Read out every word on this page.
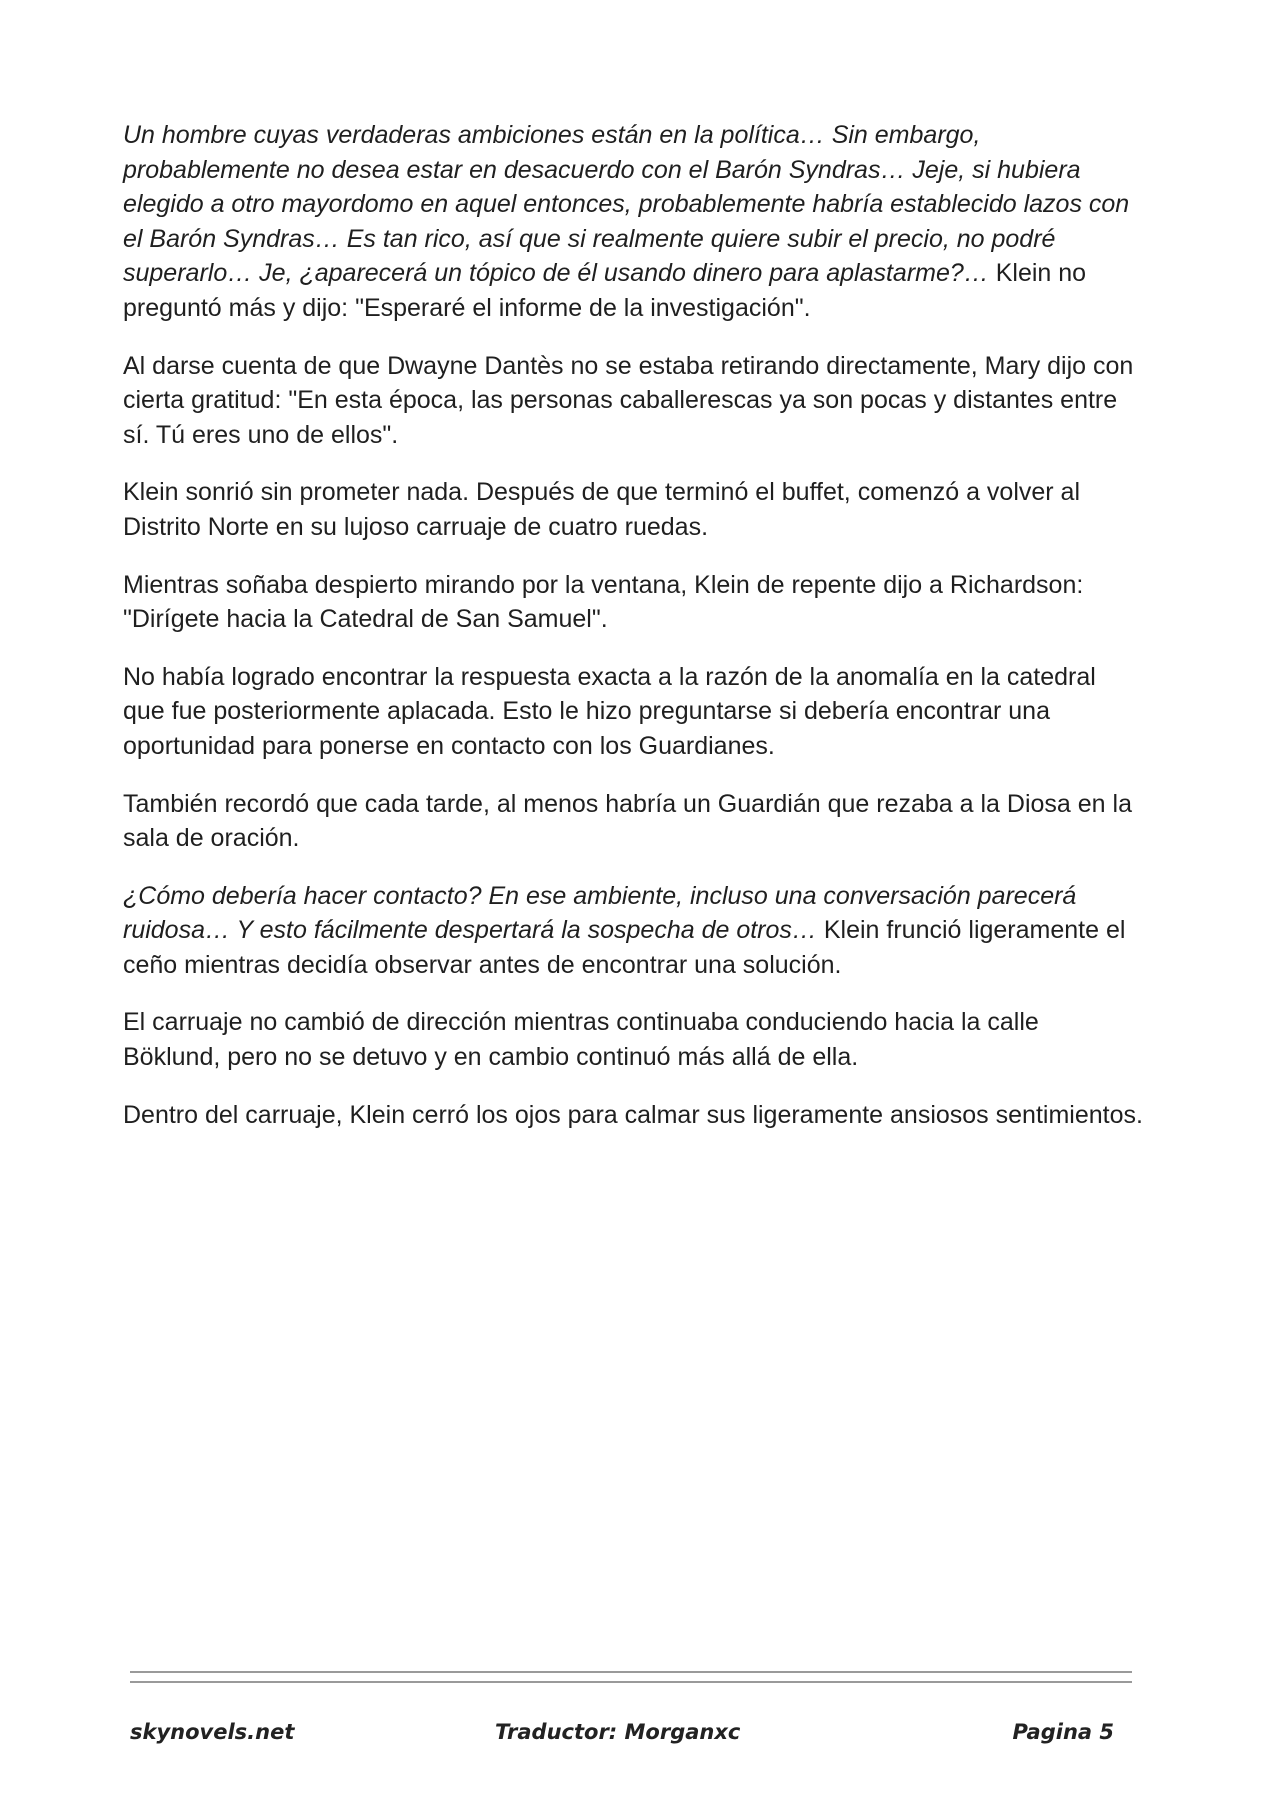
Un hombre cuyas verdaderas ambiciones están en la política… Sin embargo, probablemente no desea estar en desacuerdo con el Barón Syndras… Jeje, si hubiera elegido a otro mayordomo en aquel entonces, probablemente habría establecido lazos con el Barón Syndras… Es tan rico, así que si realmente quiere subir el precio, no podré superarlo… Je, ¿aparecerá un tópico de él usando dinero para aplastarme?… Klein no preguntó más y dijo: "Esperaré el informe de la investigación".

Al darse cuenta de que Dwayne Dantès no se estaba retirando directamente, Mary dijo con cierta gratitud: "En esta época, las personas caballerescas ya son pocas y distantes entre sí. Tú eres uno de ellos".

Klein sonrió sin prometer nada. Después de que terminó el buffet, comenzó a volver al Distrito Norte en su lujoso carruaje de cuatro ruedas.

Mientras soñaba despierto mirando por la ventana, Klein de repente dijo a Richardson: "Dirígete hacia la Catedral de San Samuel".

No había logrado encontrar la respuesta exacta a la razón de la anomalía en la catedral que fue posteriormente aplacada. Esto le hizo preguntarse si debería encontrar una oportunidad para ponerse en contacto con los Guardianes.

También recordó que cada tarde, al menos habría un Guardián que rezaba a la Diosa en la sala de oración.

¿Cómo debería hacer contacto? En ese ambiente, incluso una conversación parecerá ruidosa… Y esto fácilmente despertará la sospecha de otros… Klein frunció ligeramente el ceño mientras decidía observar antes de encontrar una solución.

El carruaje no cambió de dirección mientras continuaba conduciendo hacia la calle Böklund, pero no se detuvo y en cambio continuó más allá de ella.

Dentro del carruaje, Klein cerró los ojos para calmar sus ligeramente ansiosos sentimientos.

skynovels.net	Traductor: Morganxc	Pagina 5
